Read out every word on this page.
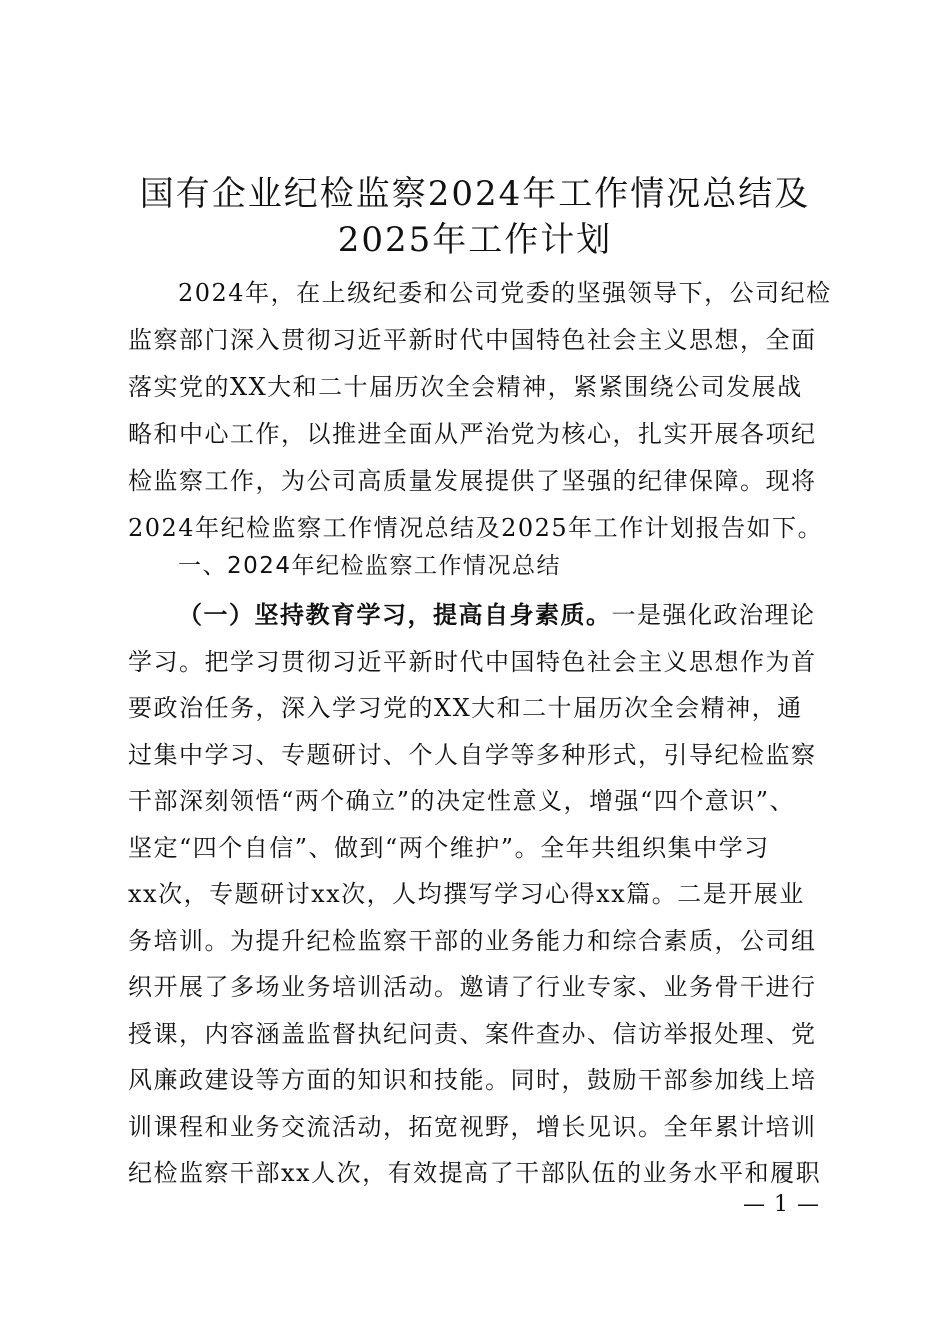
国有企业纪检监察2024年工作情况总结及
2025年工作计划
2024年，在上级纪委和公司党委的坚强领导下，公司纪检
监察部门深入贯彻习近平新时代中国特色社会主义思想，全面
落实党的XX大和二十届历次全会精神，紧紧围绕公司发展战
略和中心工作，以推进全面从严治党为核心，扎实开展各项纪
检监察工作，为公司高质量发展提供了坚强的纪律保障。现将
2024年纪检监察工作情况总结及2025年工作计划报告如下。
一、2024年纪检监察工作情况总结
（一）坚持教育学习，提高自身素质。一是强化政治理论
学习。把学习贯彻习近平新时代中国特色社会主义思想作为首
要政治任务，深入学习党的XX大和二十届历次全会精神，通
过集中学习、专题研讨、个人自学等多种形式，引导纪检监察
干部深刻领悟“两个确立”的决定性意义，增强“四个意识”、
坚定“四个自信”、做到“两个维护”。全年共组织集中学习
xx次，专题研讨xx次，人均撰写学习心得xx篇。二是开展业
务培训。为提升纪检监察干部的业务能力和综合素质，公司组
织开展了多场业务培训活动。邀请了行业专家、业务骨干进行
授课，内容涵盖监督执纪问责、案件查办、信访举报处理、党
风廉政建设等方面的知识和技能。同时，鼓励干部参加线上培
训课程和业务交流活动，拓宽视野，增长见识。全年累计培训
纪检监察干部xx人次，有效提高了干部队伍的业务水平和履职
— 1 —
